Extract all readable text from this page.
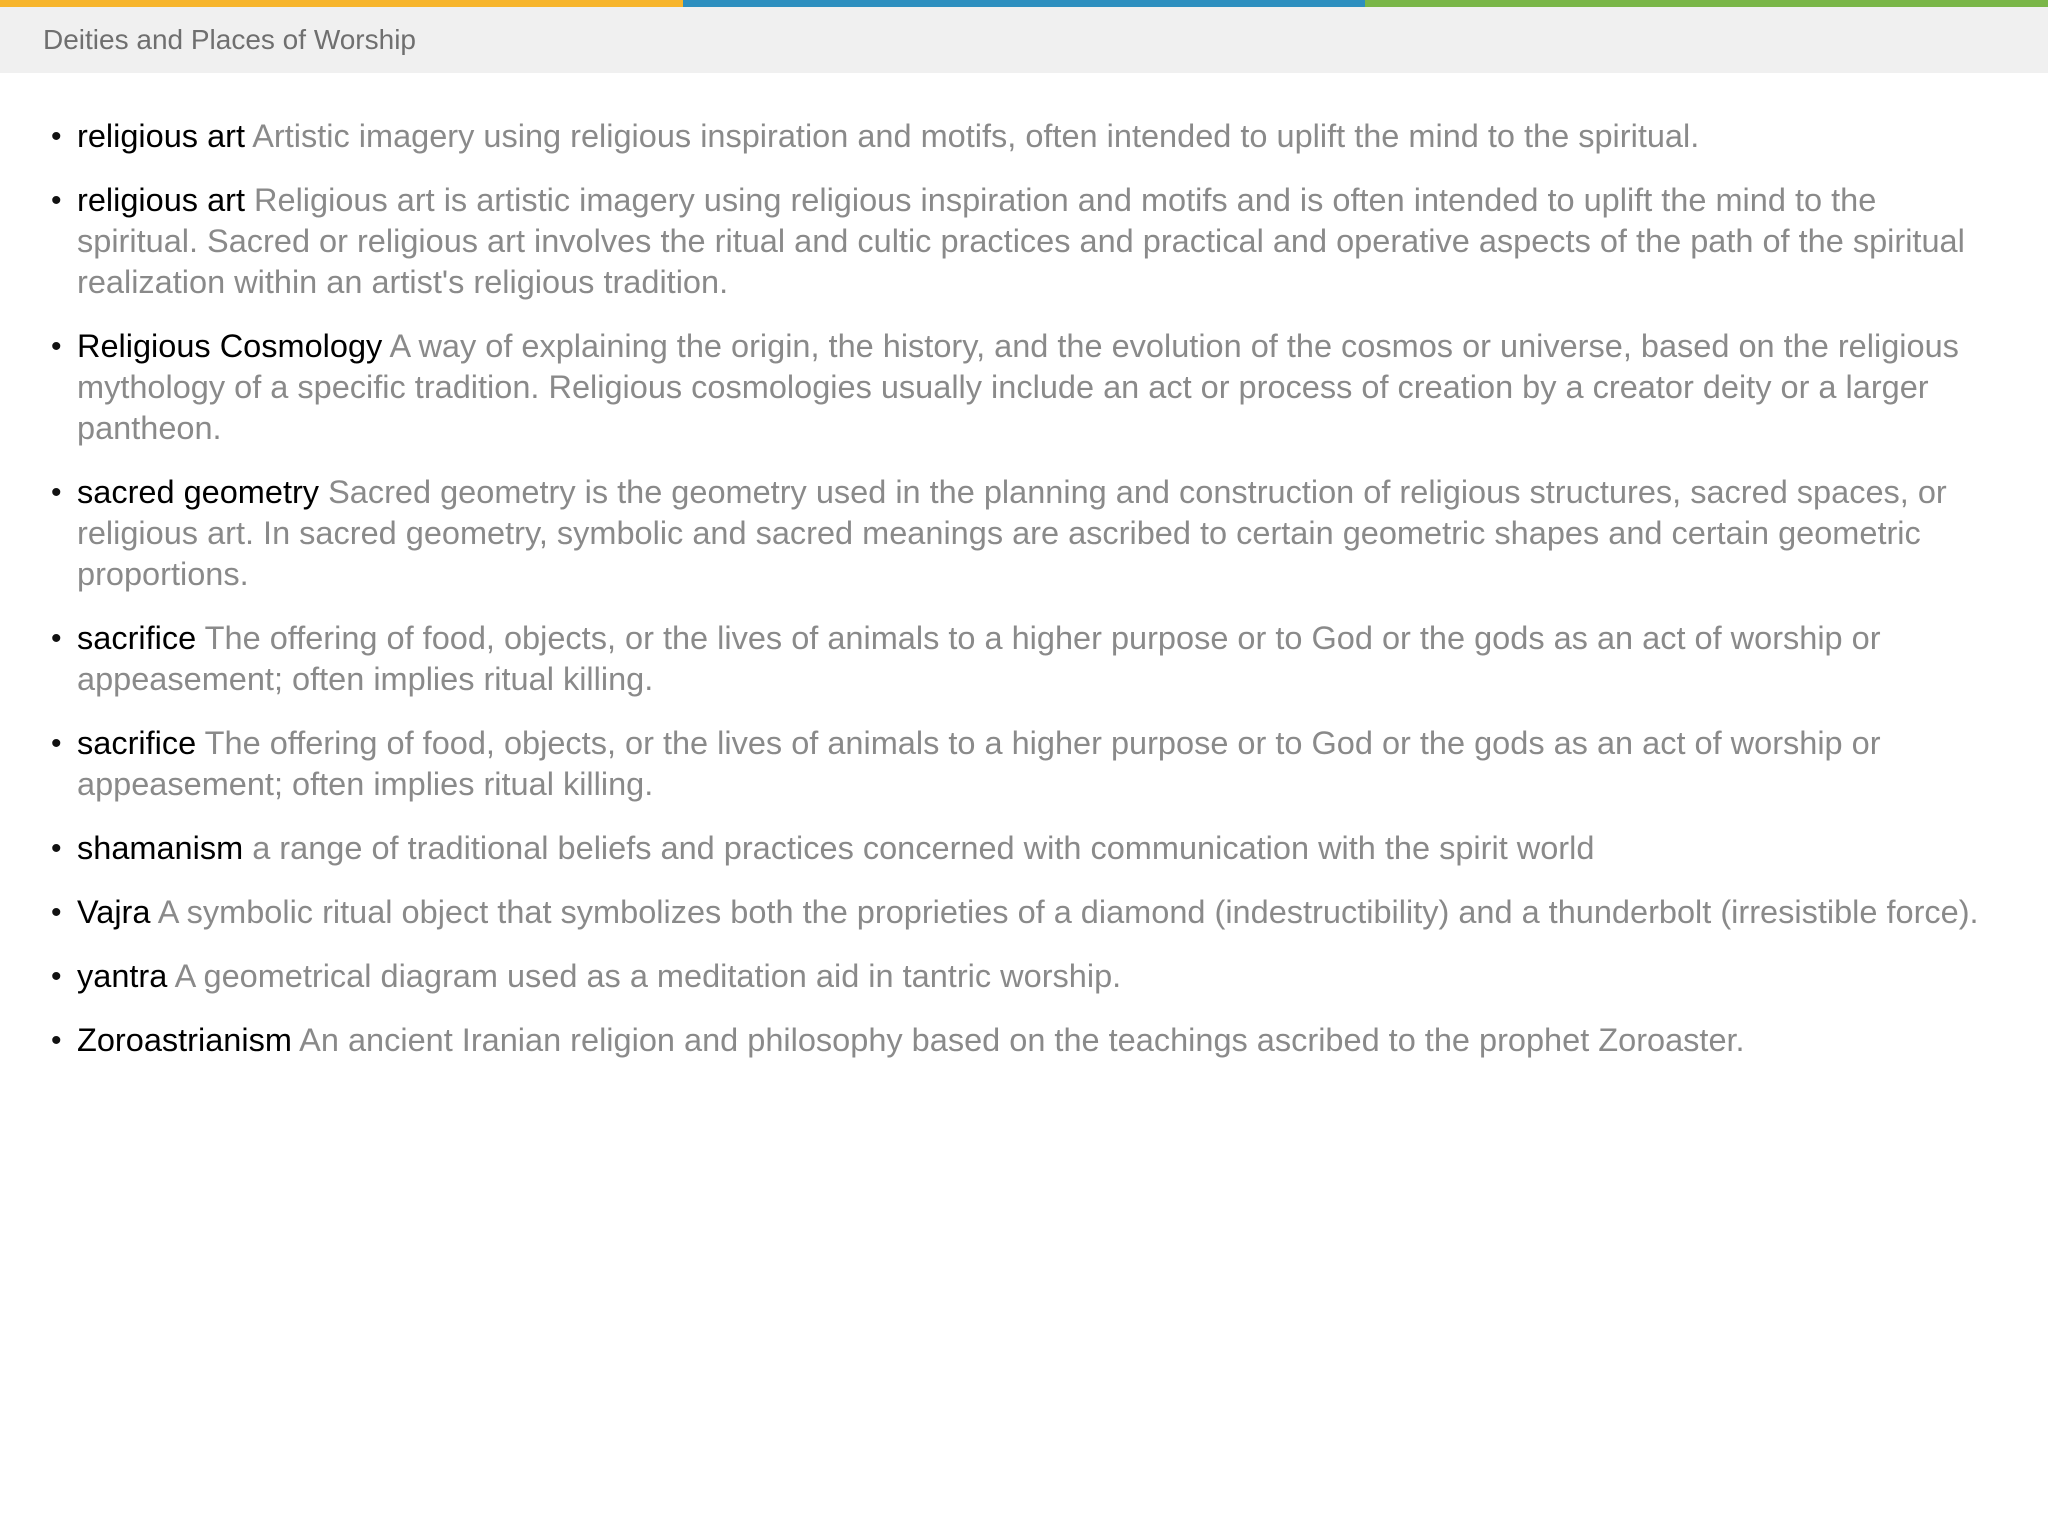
Deities and Places of Worship
• religious art Artistic imagery using religious inspiration and motifs, often intended to uplift the mind to the spiritual.
• religious art Religious art is artistic imagery using religious inspiration and motifs and is often intended to uplift the mind to the spiritual. Sacred or religious art involves the ritual and cultic practices and practical and operative aspects of the path of the spiritual realization within an artist's religious tradition.
• Religious Cosmology A way of explaining the origin, the history, and the evolution of the cosmos or universe, based on the religious mythology of a specific tradition. Religious cosmologies usually include an act or process of creation by a creator deity or a larger pantheon.
• sacred geometry Sacred geometry is the geometry used in the planning and construction of religious structures, sacred spaces, or religious art. In sacred geometry, symbolic and sacred meanings are ascribed to certain geometric shapes and certain geometric proportions.
• sacrifice The offering of food, objects, or the lives of animals to a higher purpose or to God or the gods as an act of worship or appeasement; often implies ritual killing.
• sacrifice The offering of food, objects, or the lives of animals to a higher purpose or to God or the gods as an act of worship or appeasement; often implies ritual killing.
• shamanism a range of traditional beliefs and practices concerned with communication with the spirit world
• Vajra A symbolic ritual object that symbolizes both the proprieties of a diamond (indestructibility) and a thunderbolt (irresistible force).
• yantra A geometrical diagram used as a meditation aid in tantric worship.
• Zoroastrianism An ancient Iranian religion and philosophy based on the teachings ascribed to the prophet Zoroaster.
